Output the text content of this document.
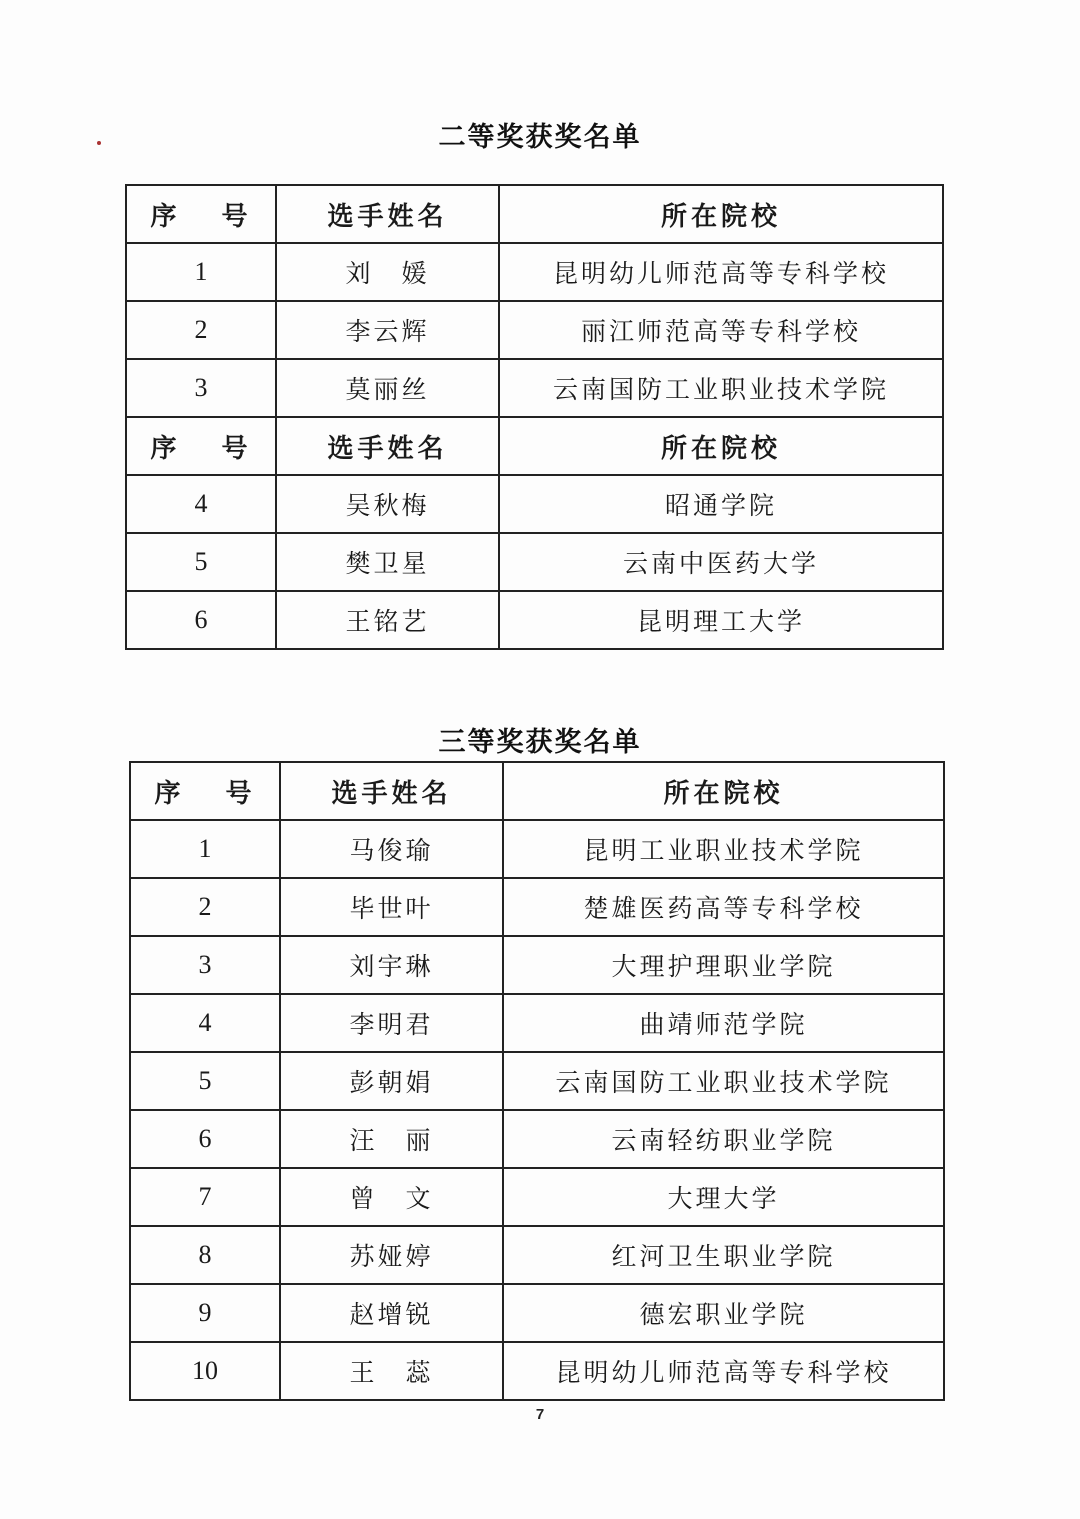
二等奖获奖名单
序 号	选手姓名	所在院校
1	刘　媛	昆明幼儿师范高等专科学校
2	李云辉	丽江师范高等专科学校
3	莫丽丝	云南国防工业职业技术学院
序 号	选手姓名	所在院校
4	吴秋梅	昭通学院
5	樊卫星	云南中医药大学
6	王铭艺	昆明理工大学
三等奖获奖名单
序 号	选手姓名	所在院校
1	马俊瑜	昆明工业职业技术学院
2	毕世叶	楚雄医药高等专科学校
3	刘宇琳	大理护理职业学院
4	李明君	曲靖师范学院
5	彭朝娟	云南国防工业职业技术学院
6	汪　丽	云南轻纺职业学院
7	曾　文	大理大学
8	苏娅婷	红河卫生职业学院
9	赵增锐	德宏职业学院
10	王　蕊	昆明幼儿师范高等专科学校
7
